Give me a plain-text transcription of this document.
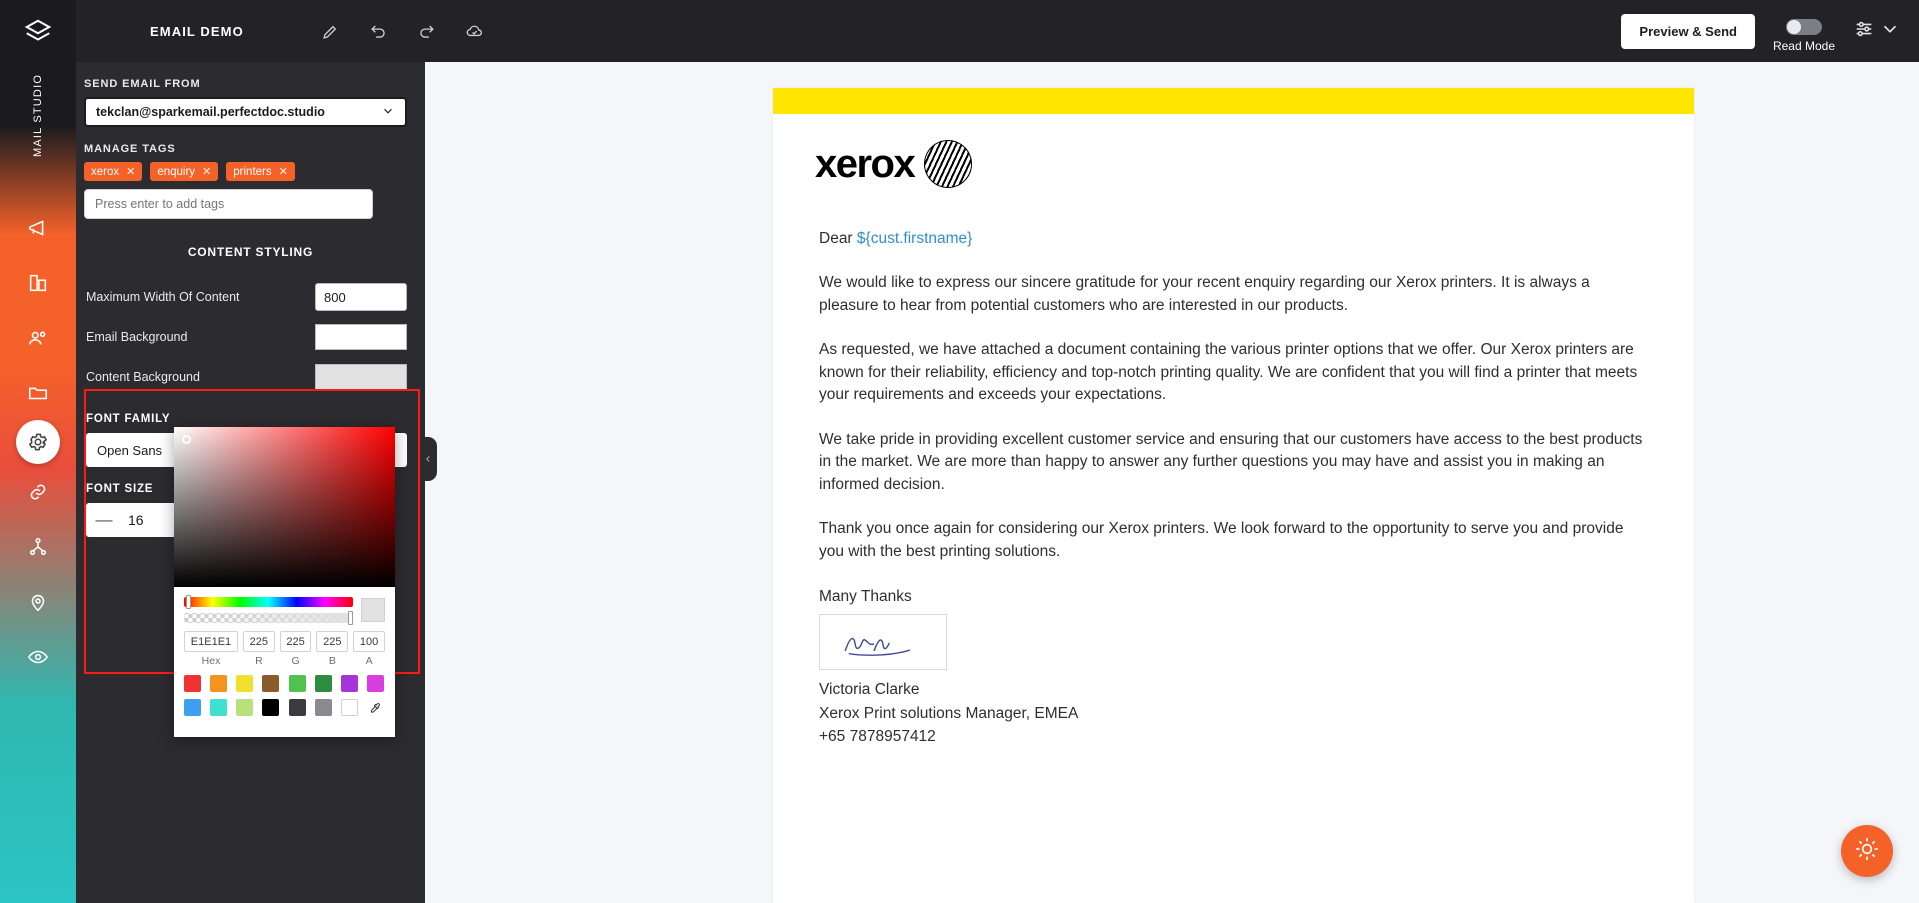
MAIL STUDIO
EMAIL DEMO	Preview & Send
Read Mode
SEND EMAIL FROM
tekclan@sparkemail.perfectdoc.studio
MANAGE TAGS
xerox ✕ enquiry ✕ printers ✕
Press enter to add tags
CONTENT STYLING
Maximum Width Of Content
800
Email Background
Content Background
FONT FAMILY
Open Sans
FONT SIZE
—	16
E1E1E1
Hex
225	R
225	G
225	B
100	A
xerox

Dear ${cust.firstname}

We would like to express our sincere gratitude for your recent enquiry regarding our Xerox printers. It is always a pleasure to hear from potential customers who are interested in our products.

As requested, we have attached a document containing the various printer options that we offer. Our Xerox printers are known for their reliability, efficiency and top-notch printing quality. We are confident that you will find a printer that meets your requirements and exceeds your expectations.

We take pride in providing excellent customer service and ensuring that our customers have access to the best products in the market. We are more than happy to answer any further questions you may have and assist you in making an informed decision.

Thank you once again for considering our Xerox printers. We look forward to the opportunity to serve you and provide you with the best printing solutions.

Many Thanks
Victoria Clarke
Xerox Print solutions Manager, EMEA
+65 7878957412
